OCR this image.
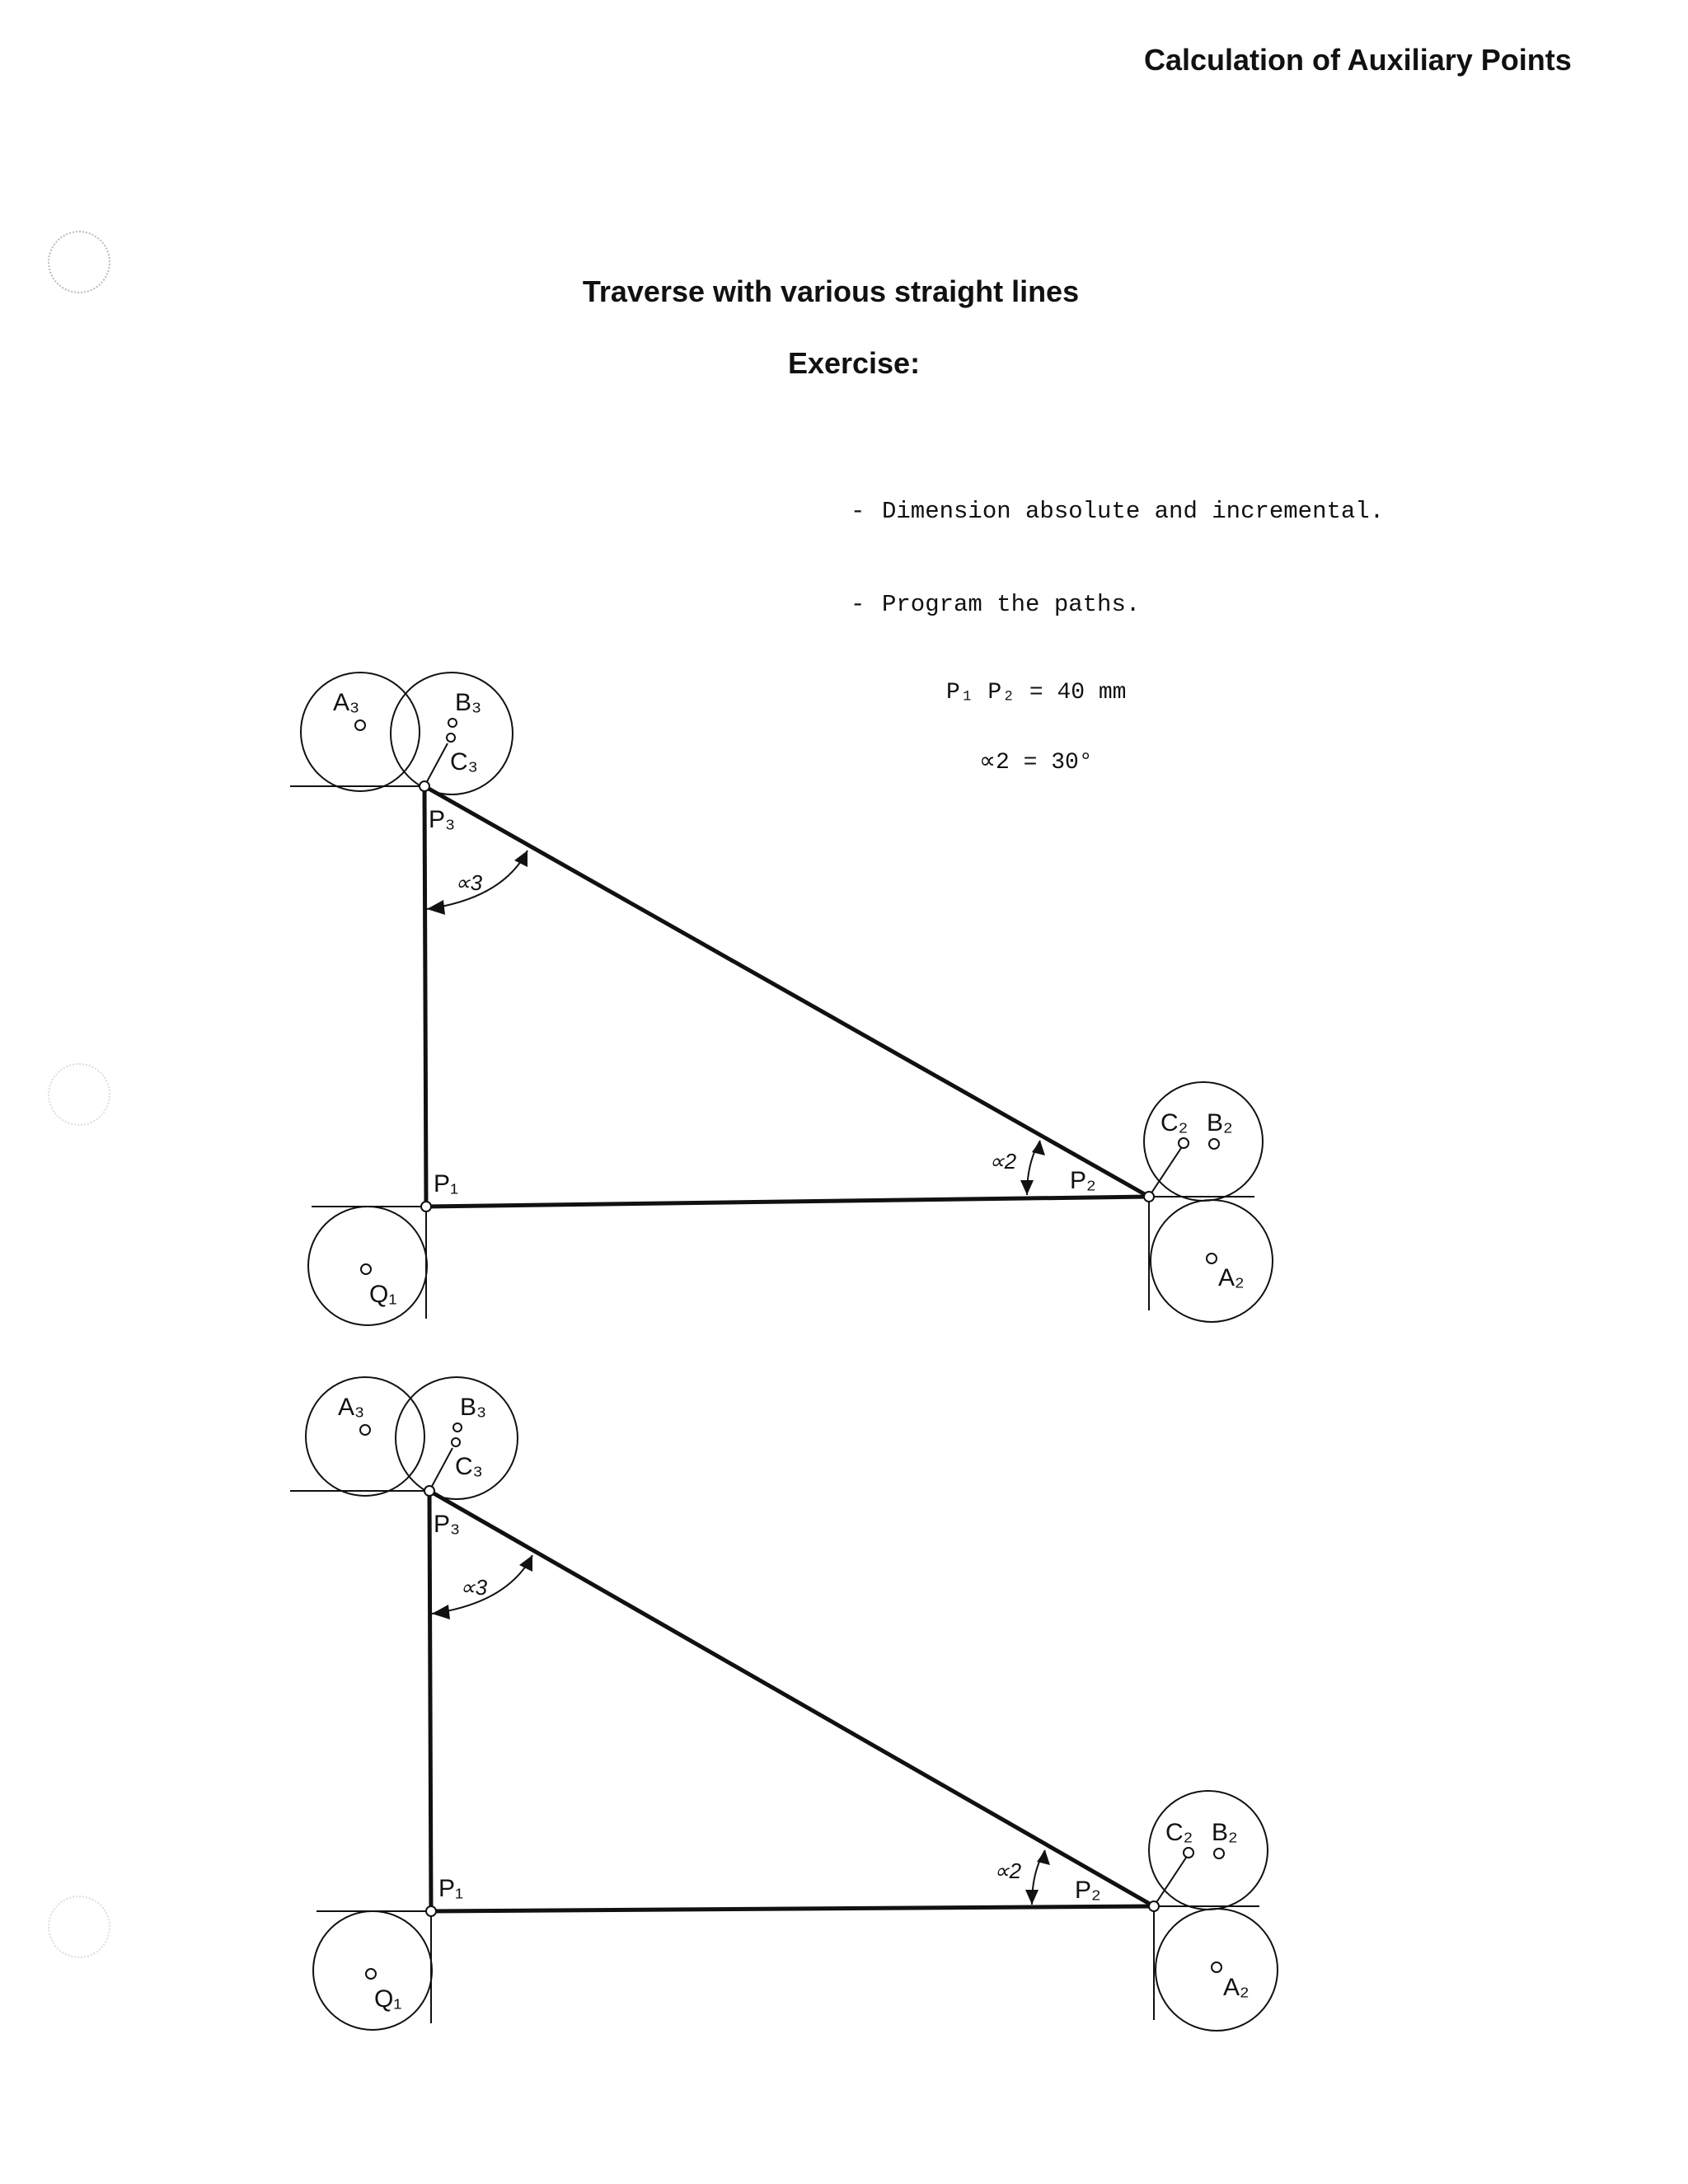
Calculation of Auxiliary Points
Traverse with various straight lines
Exercise:
- Dimension absolute and incremental.
- Program the paths.
P₁ P₂ = 40 mm
∝2 = 30°
A₃	B₃
C₃
P₃
∝3
P₁
Q₁
P₂
∝2
C₂ B₂
A₂
A₃	B₃
C₃
P₃
∝3
P₁
Q₁
P₂
∝2
C₂ B₂
A₂
